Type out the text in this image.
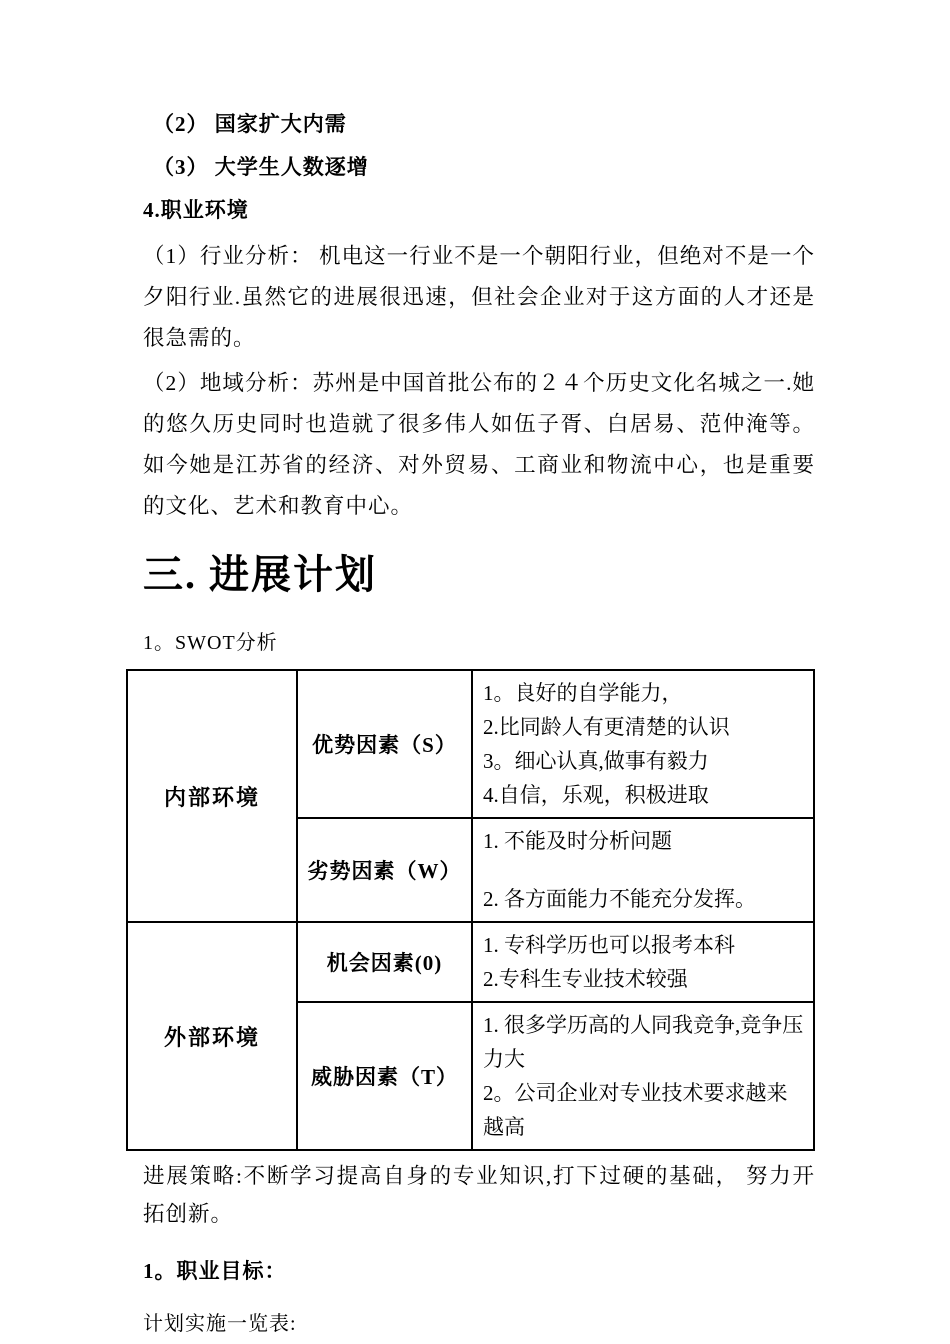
（2） 国家扩大内需

（3） 大学生人数逐增

4.职业环境

（1）行业分析： 机电这一行业不是一个朝阳行业，但绝对不是一个夕阳行业.虽然它的进展很迅速，但社会企业对于这方面的人才还是很急需的。

（2）地域分析：苏州是中国首批公布的２４个历史文化名城之一.她的悠久历史同时也造就了很多伟人如伍子胥、白居易、范仲淹等。如今她是江苏省的经济、对外贸易、工商业和物流中心，也是重要的文化、艺术和教育中心。

三. 进展计划

1。SWOT分析

内部环境	优势因素（S）	1。良好的自学能力，
2.比同龄人有更清楚的认识
3。细心认真,做事有毅力
4.自信，乐观，积极进取

	劣势因素（W）	1. 不能及时分析问题
2. 各方面能力不能充分发挥。

外部环境	机会因素(0)	1. 专科学历也可以报考本科
2.专科生专业技术较强

	威胁因素（T）	1. 很多学历高的人同我竞争,竞争压力大
2。公司企业对专业技术要求越来越高

进展策略:不断学习提高自身的专业知识,打下过硬的基础， 努力开拓创新。

1。职业目标：

计划实施一览表:
